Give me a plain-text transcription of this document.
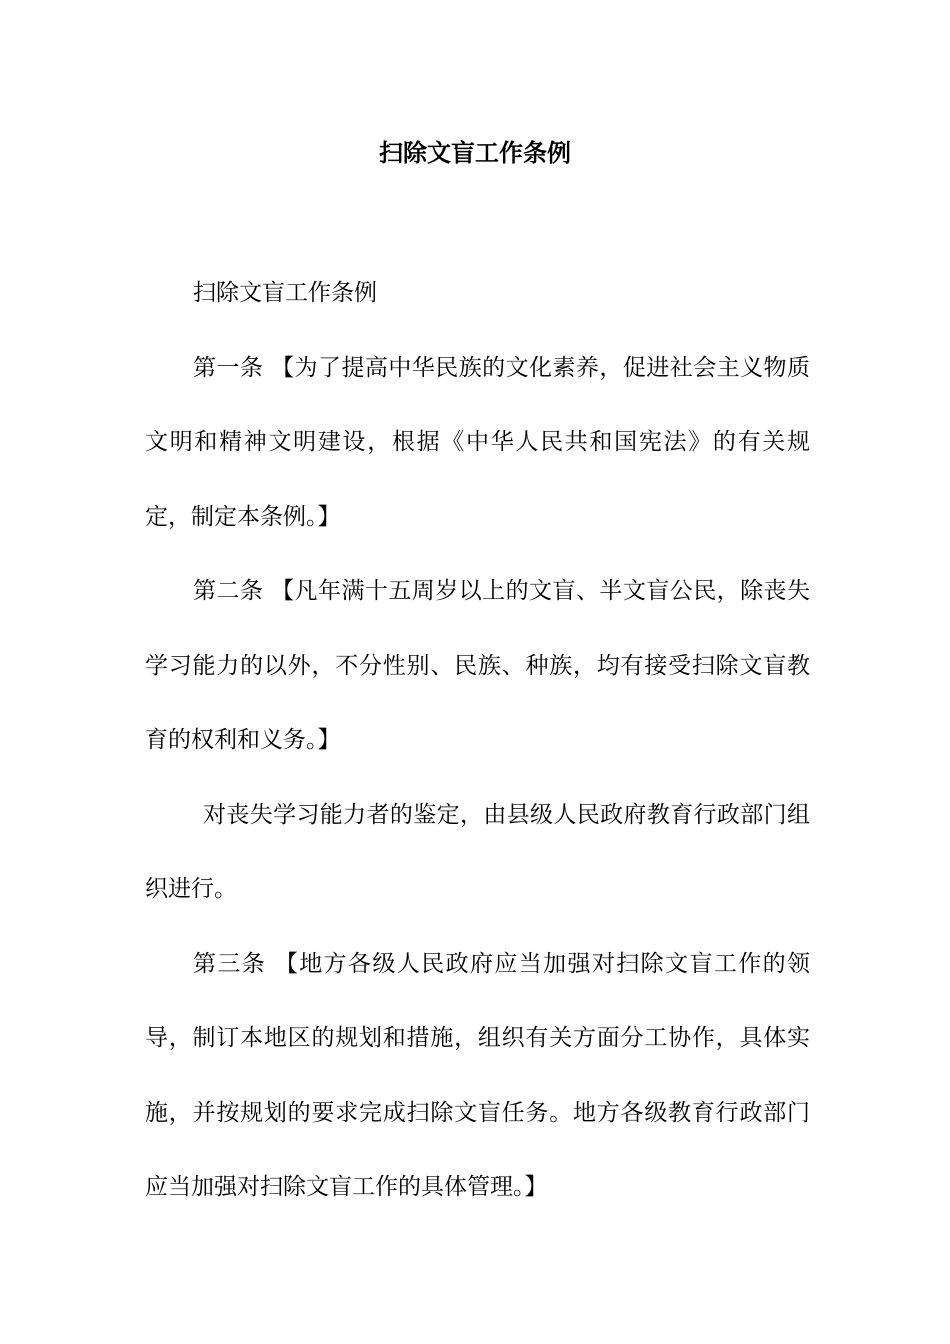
扫除文盲工作条例

扫除文盲工作条例

第一条 【为了提高中华民族的文化素养，促进社会主义物质文明和精神文明建设，根据《中华人民共和国宪法》的有关规定，制定本条例。】

第二条 【凡年满十五周岁以上的文盲、半文盲公民，除丧失学习能力的以外，不分性别、民族、种族，均有接受扫除文盲教育的权利和义务。】

对丧失学习能力者的鉴定，由县级人民政府教育行政部门组织进行。

第三条 【地方各级人民政府应当加强对扫除文盲工作的领导，制订本地区的规划和措施，组织有关方面分工协作，具体实施，并按规划的要求完成扫除文盲任务。地方各级教育行政部门应当加强对扫除文盲工作的具体管理。】
